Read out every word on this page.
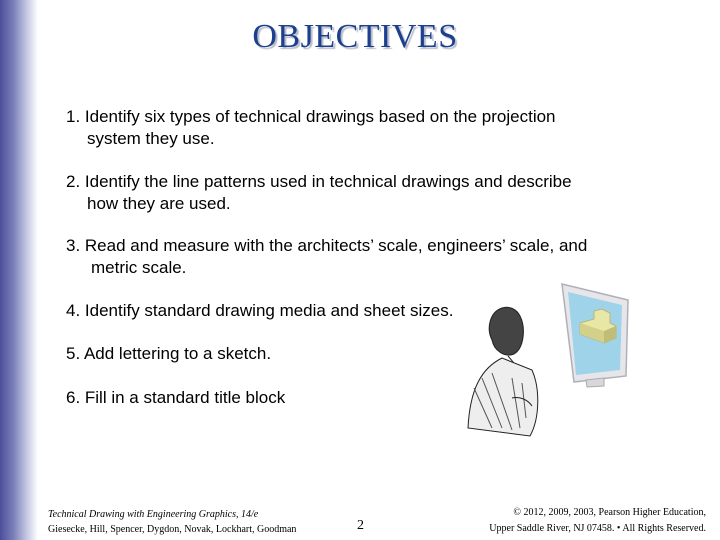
OBJECTIVES
1. Identify six types of technical drawings based on the projection
system they use.
2. Identify the line patterns used in technical drawings and describe
how they are used.
3. Read and measure with the architects’ scale, engineers’ scale, and
metric scale.
4. Identify standard drawing media and sheet sizes.
5. Add lettering to a sketch.
6. Fill in a standard title block
Technical Drawing with Engineering Graphics, 14/e
Giesecke, Hill, Spencer, Dygdon, Novak, Lockhart, Goodman	2
© 2012, 2009, 2003, Pearson Higher Education,
Upper Saddle River, NJ 07458. • All Rights Reserved.
